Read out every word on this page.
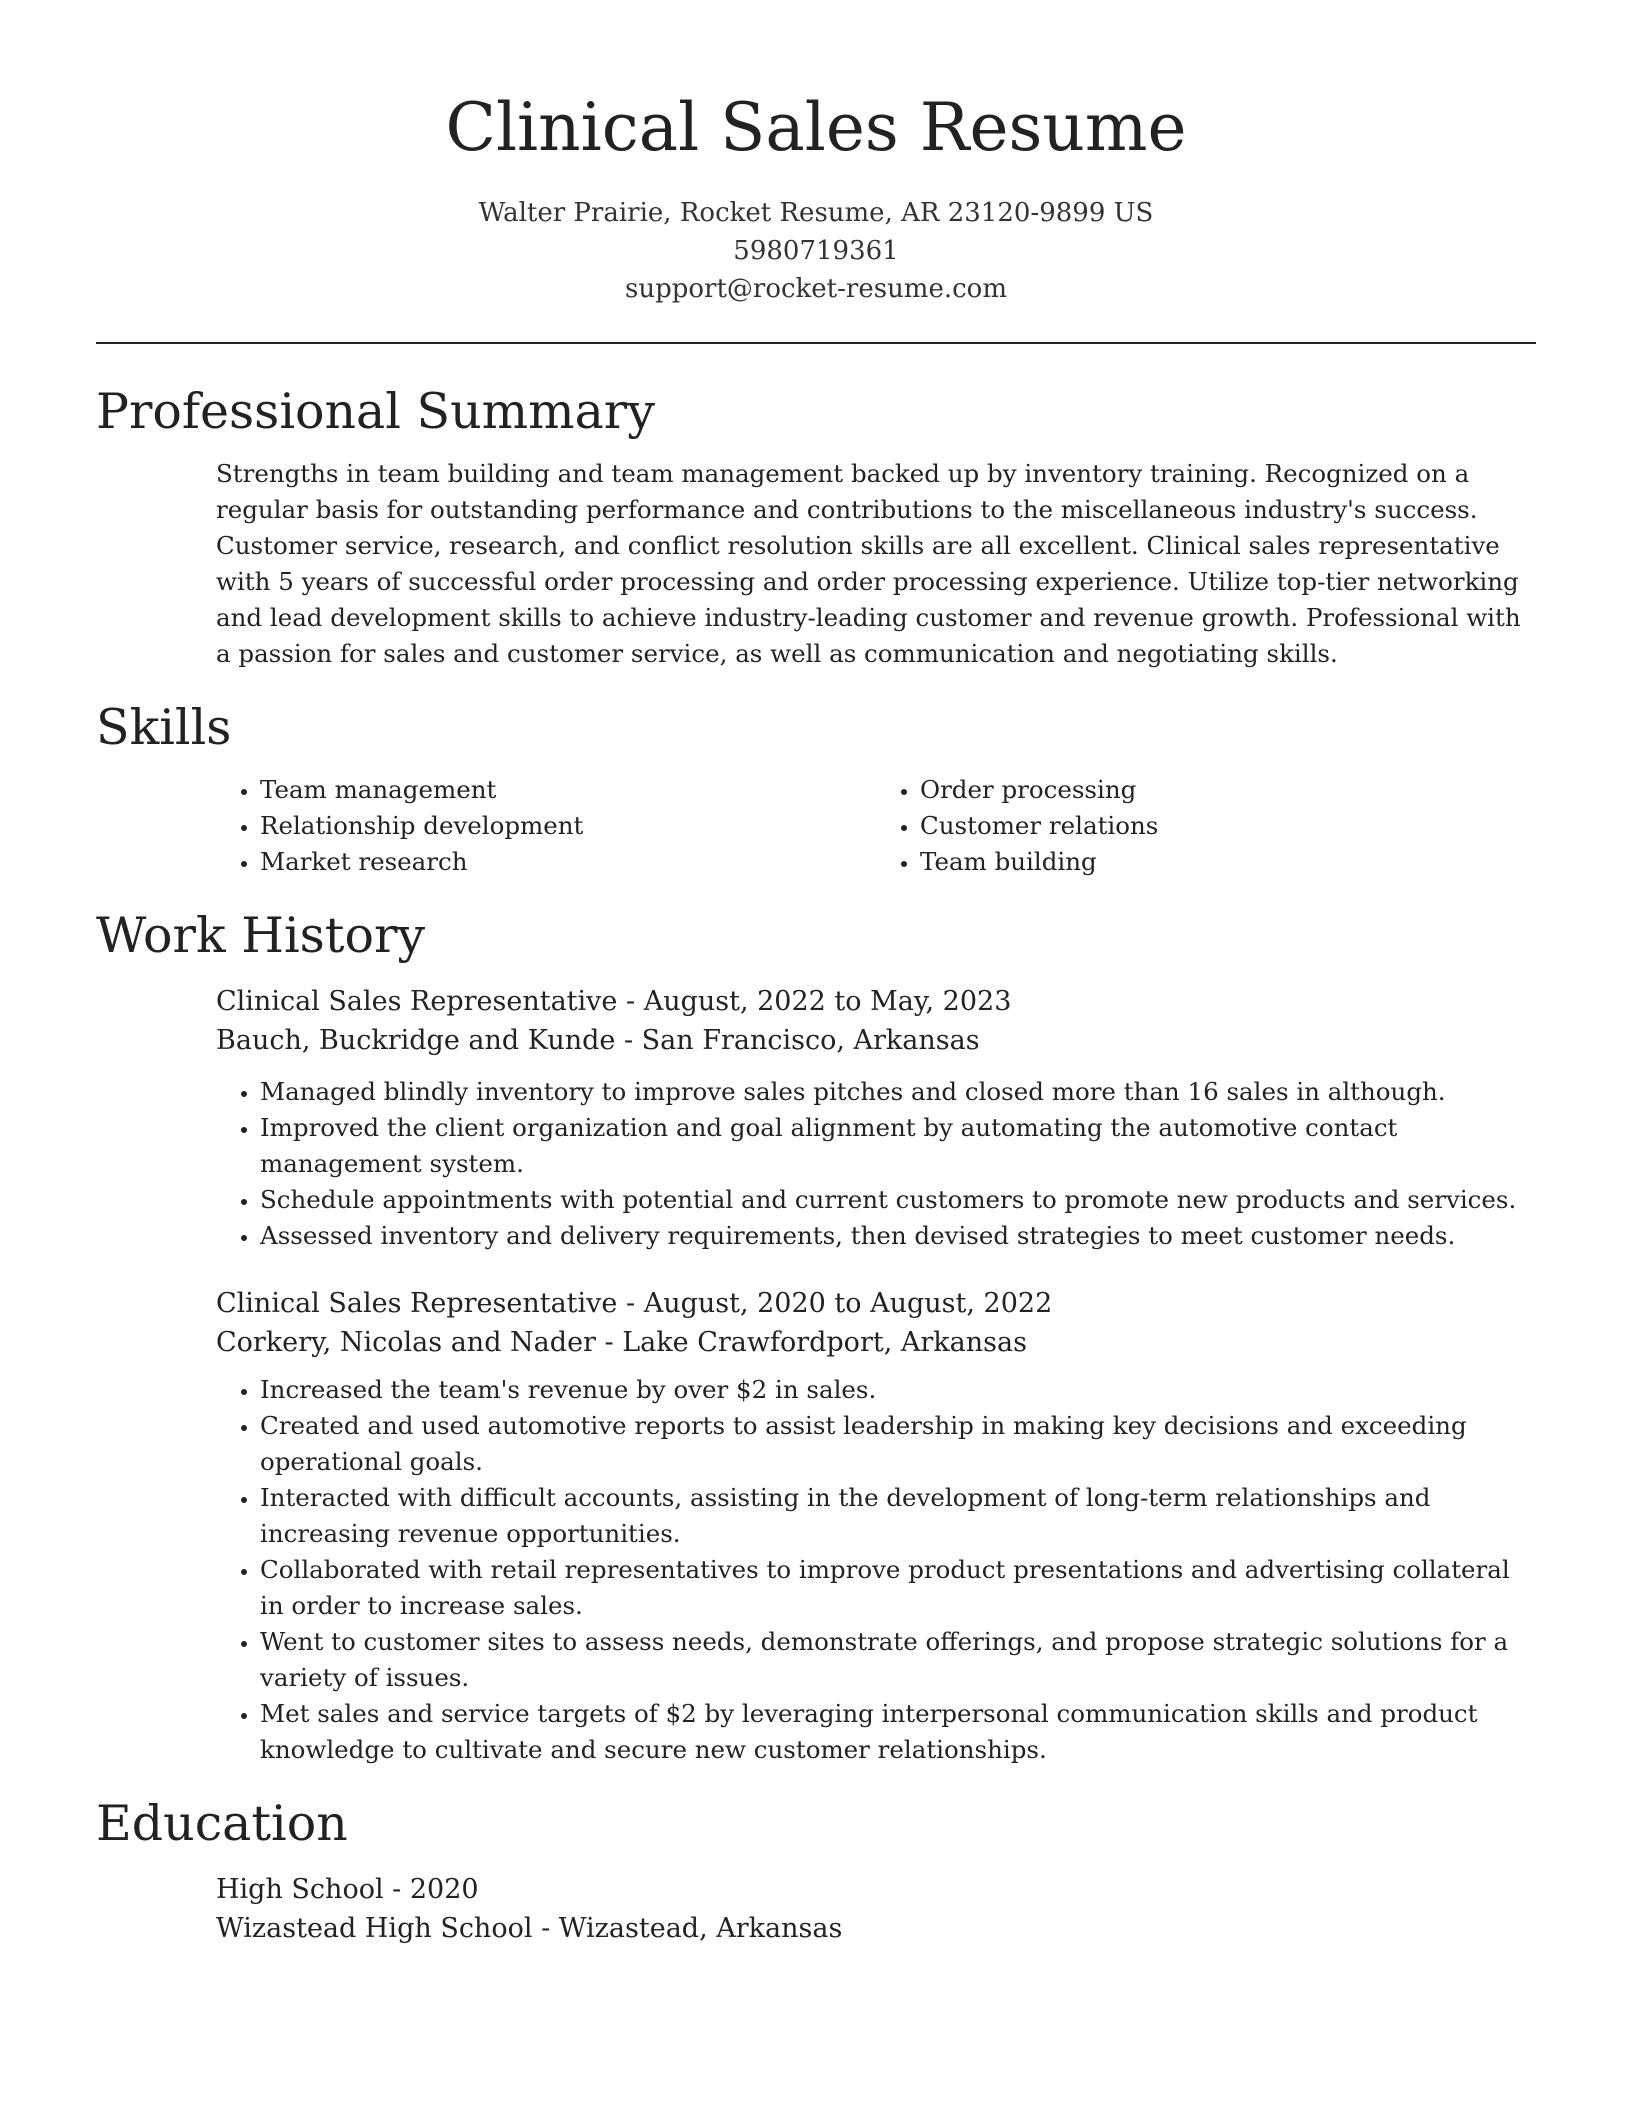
Clinical Sales Resume
Walter Prairie, Rocket Resume, AR 23120-9899 US
5980719361
support@rocket-resume.com
Professional Summary

Strengths in team building and team management backed up by inventory training. Recognized on a regular basis for outstanding performance and contributions to the miscellaneous industry's success. Customer service, research, and conflict resolution skills are all excellent. Clinical sales representative with 5 years of successful order processing and order processing experience. Utilize top-tier networking and lead development skills to achieve industry-leading customer and revenue growth. Professional with a passion for sales and customer service, as well as communication and negotiating skills.

Skills
• Team management
• Relationship development
• Market research
• Order processing
• Customer relations
• Team building
Work History
Clinical Sales Representative - August, 2022 to May, 2023
Bauch, Buckridge and Kunde - San Francisco, Arkansas
• Managed blindly inventory to improve sales pitches and closed more than 16 sales in although.
• Improved the client organization and goal alignment by automating the automotive contact management system.
• Schedule appointments with potential and current customers to promote new products and services.
• Assessed inventory and delivery requirements, then devised strategies to meet customer needs.
Clinical Sales Representative - August, 2020 to August, 2022
Corkery, Nicolas and Nader - Lake Crawfordport, Arkansas
• Increased the team's revenue by over $2 in sales.
• Created and used automotive reports to assist leadership in making key decisions and exceeding operational goals.
• Interacted with difficult accounts, assisting in the development of long-term relationships and increasing revenue opportunities.
• Collaborated with retail representatives to improve product presentations and advertising collateral in order to increase sales.
• Went to customer sites to assess needs, demonstrate offerings, and propose strategic solutions for a variety of issues.
• Met sales and service targets of $2 by leveraging interpersonal communication skills and product knowledge to cultivate and secure new customer relationships.
Education
High School - 2020
Wizastead High School - Wizastead, Arkansas
